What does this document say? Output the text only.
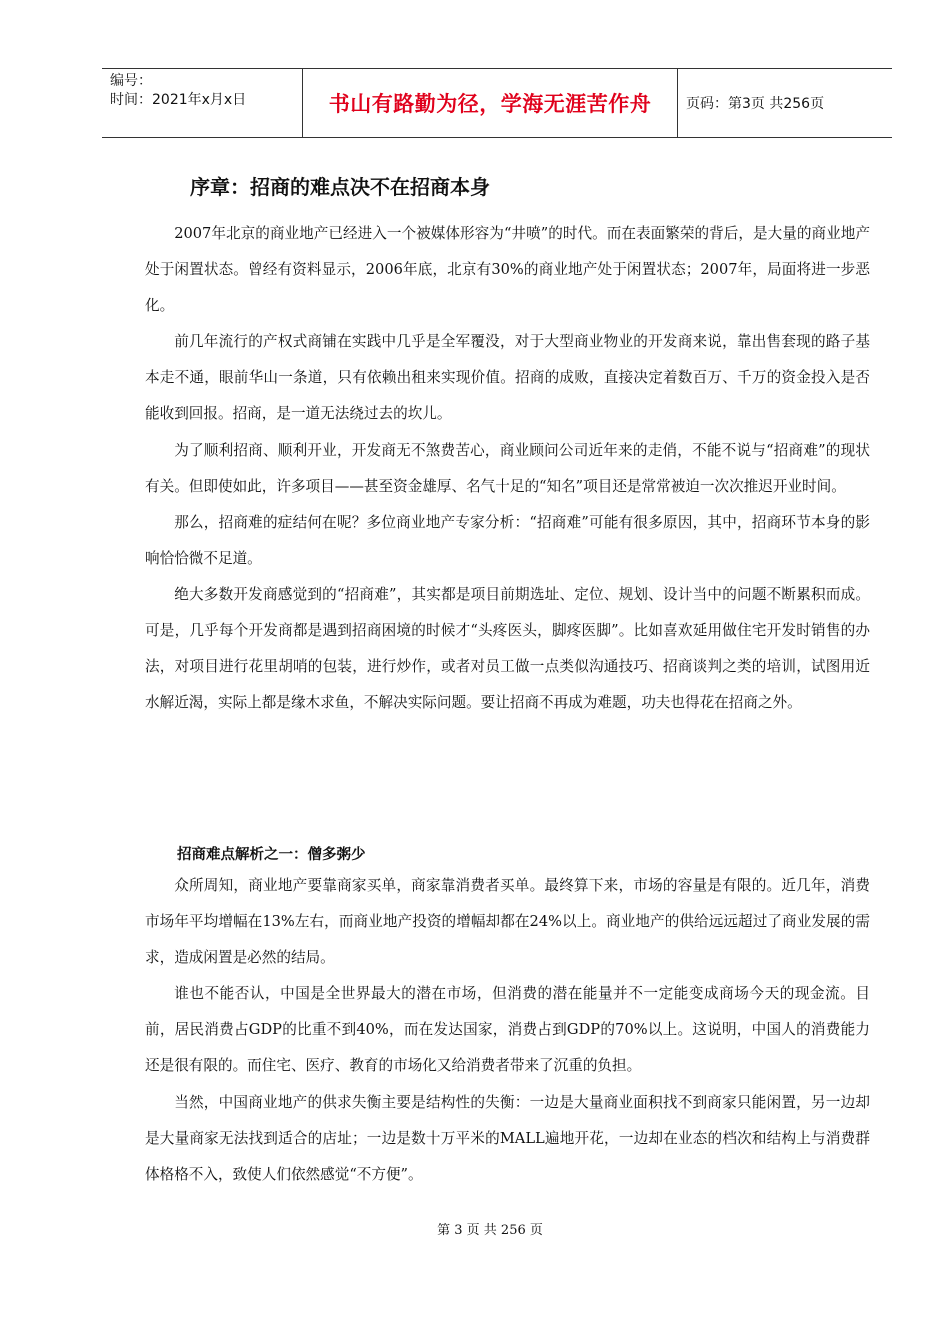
编号：
时间：2021年x月x日	书山有路勤为径，学海无涯苦作舟	页码：第3页 共256页
序章：招商的难点决不在招商本身

2007年北京的商业地产已经进入一个被媒体形容为“井喷”的时代。而在表面繁荣的背后，是大量的商业地产处于闲置状态。曾经有资料显示，2006年底，北京有30%的商业地产处于闲置状态；2007年，局面将进一步恶化。

前几年流行的产权式商铺在实践中几乎是全军覆没，对于大型商业物业的开发商来说，靠出售套现的路子基本走不通，眼前华山一条道，只有依赖出租来实现价值。招商的成败，直接决定着数百万、千万的资金投入是否能收到回报。招商，是一道无法绕过去的坎儿。

为了顺利招商、顺利开业，开发商无不煞费苦心，商业顾问公司近年来的走俏，不能不说与“招商难”的现状有关。但即使如此，许多项目——甚至资金雄厚、名气十足的“知名”项目还是常常被迫一次次推迟开业时间。

那么，招商难的症结何在呢？多位商业地产专家分析：“招商难”可能有很多原因，其中，招商环节本身的影响恰恰微不足道。

绝大多数开发商感觉到的“招商难”，其实都是项目前期选址、定位、规划、设计当中的问题不断累积而成。可是，几乎每个开发商都是遇到招商困境的时候才“头疼医头，脚疼医脚”。比如喜欢延用做住宅开发时销售的办法，对项目进行花里胡哨的包装，进行炒作，或者对员工做一点类似沟通技巧、招商谈判之类的培训，试图用近水解近渴，实际上都是缘木求鱼，不解决实际问题。要让招商不再成为难题，功夫也得花在招商之外。

招商难点解析之一：僧多粥少

众所周知，商业地产要靠商家买单，商家靠消费者买单。最终算下来，市场的容量是有限的。近几年，消费市场年平均增幅在13%左右，而商业地产投资的增幅却都在24%以上。商业地产的供给远远超过了商业发展的需求，造成闲置是必然的结局。

谁也不能否认，中国是全世界最大的潜在市场，但消费的潜在能量并不一定能变成商场今天的现金流。目前，居民消费占GDP的比重不到40%，而在发达国家，消费占到GDP的70%以上。这说明，中国人的消费能力还是很有限的。而住宅、医疗、教育的市场化又给消费者带来了沉重的负担。

当然，中国商业地产的供求失衡主要是结构性的失衡：一边是大量商业面积找不到商家只能闲置，另一边却是大量商家无法找到适合的店址；一边是数十万平米的MALL遍地开花，一边却在业态的档次和结构上与消费群体格格不入，致使人们依然感觉“不方便”。

第 3 页 共 256 页
